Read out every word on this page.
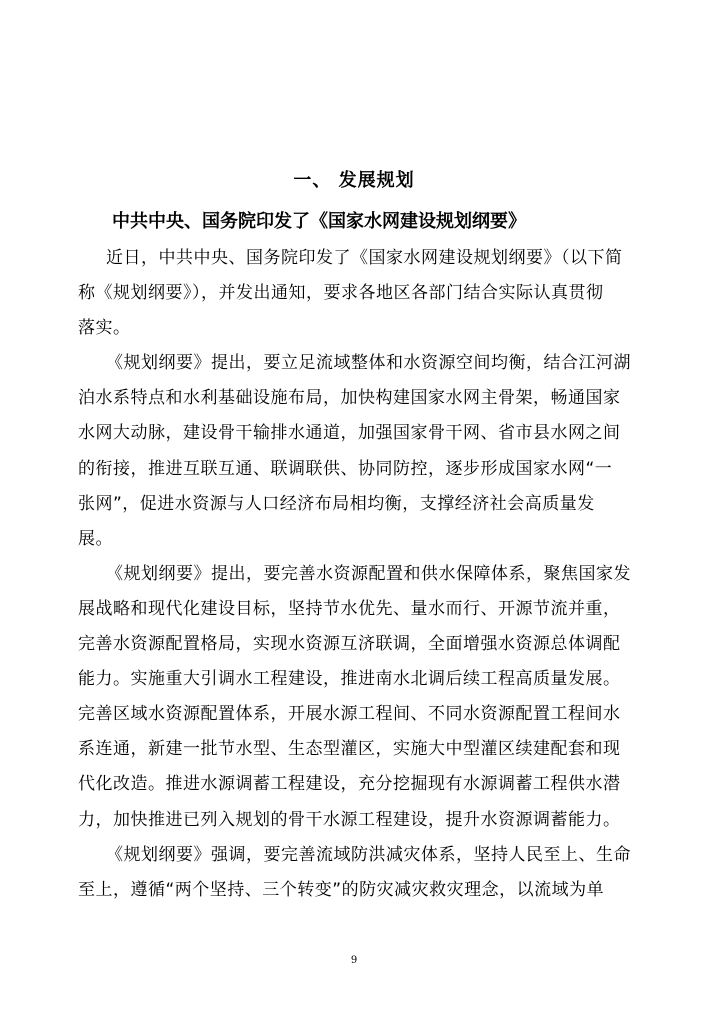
一、 发展规划
中共中央、国务院印发了《国家水网建设规划纲要》
近日，中共中央、国务院印发了《国家水网建设规划纲要》（以下简
称《规划纲要》），并发出通知，要求各地区各部门结合实际认真贯彻
落实。
《规划纲要》提出，要立足流域整体和水资源空间均衡，结合江河湖
泊水系特点和水利基础设施布局，加快构建国家水网主骨架，畅通国家
水网大动脉，建设骨干输排水通道，加强国家骨干网、省市县水网之间
的衔接，推进互联互通、联调联供、协同防控，逐步形成国家水网“一
张网”，促进水资源与人口经济布局相均衡，支撑经济社会高质量发
展。
《规划纲要》提出，要完善水资源配置和供水保障体系，聚焦国家发
展战略和现代化建设目标，坚持节水优先、量水而行、开源节流并重，
完善水资源配置格局，实现水资源互济联调，全面增强水资源总体调配
能力。实施重大引调水工程建设，推进南水北调后续工程高质量发展。
完善区域水资源配置体系，开展水源工程间、不同水资源配置工程间水
系连通，新建一批节水型、生态型灌区，实施大中型灌区续建配套和现
代化改造。推进水源调蓄工程建设，充分挖掘现有水源调蓄工程供水潜
力，加快推进已列入规划的骨干水源工程建设，提升水资源调蓄能力。
《规划纲要》强调，要完善流域防洪减灾体系，坚持人民至上、生命
至上，遵循“两个坚持、三个转变”的防灾减灾救灾理念，以流域为单
9
